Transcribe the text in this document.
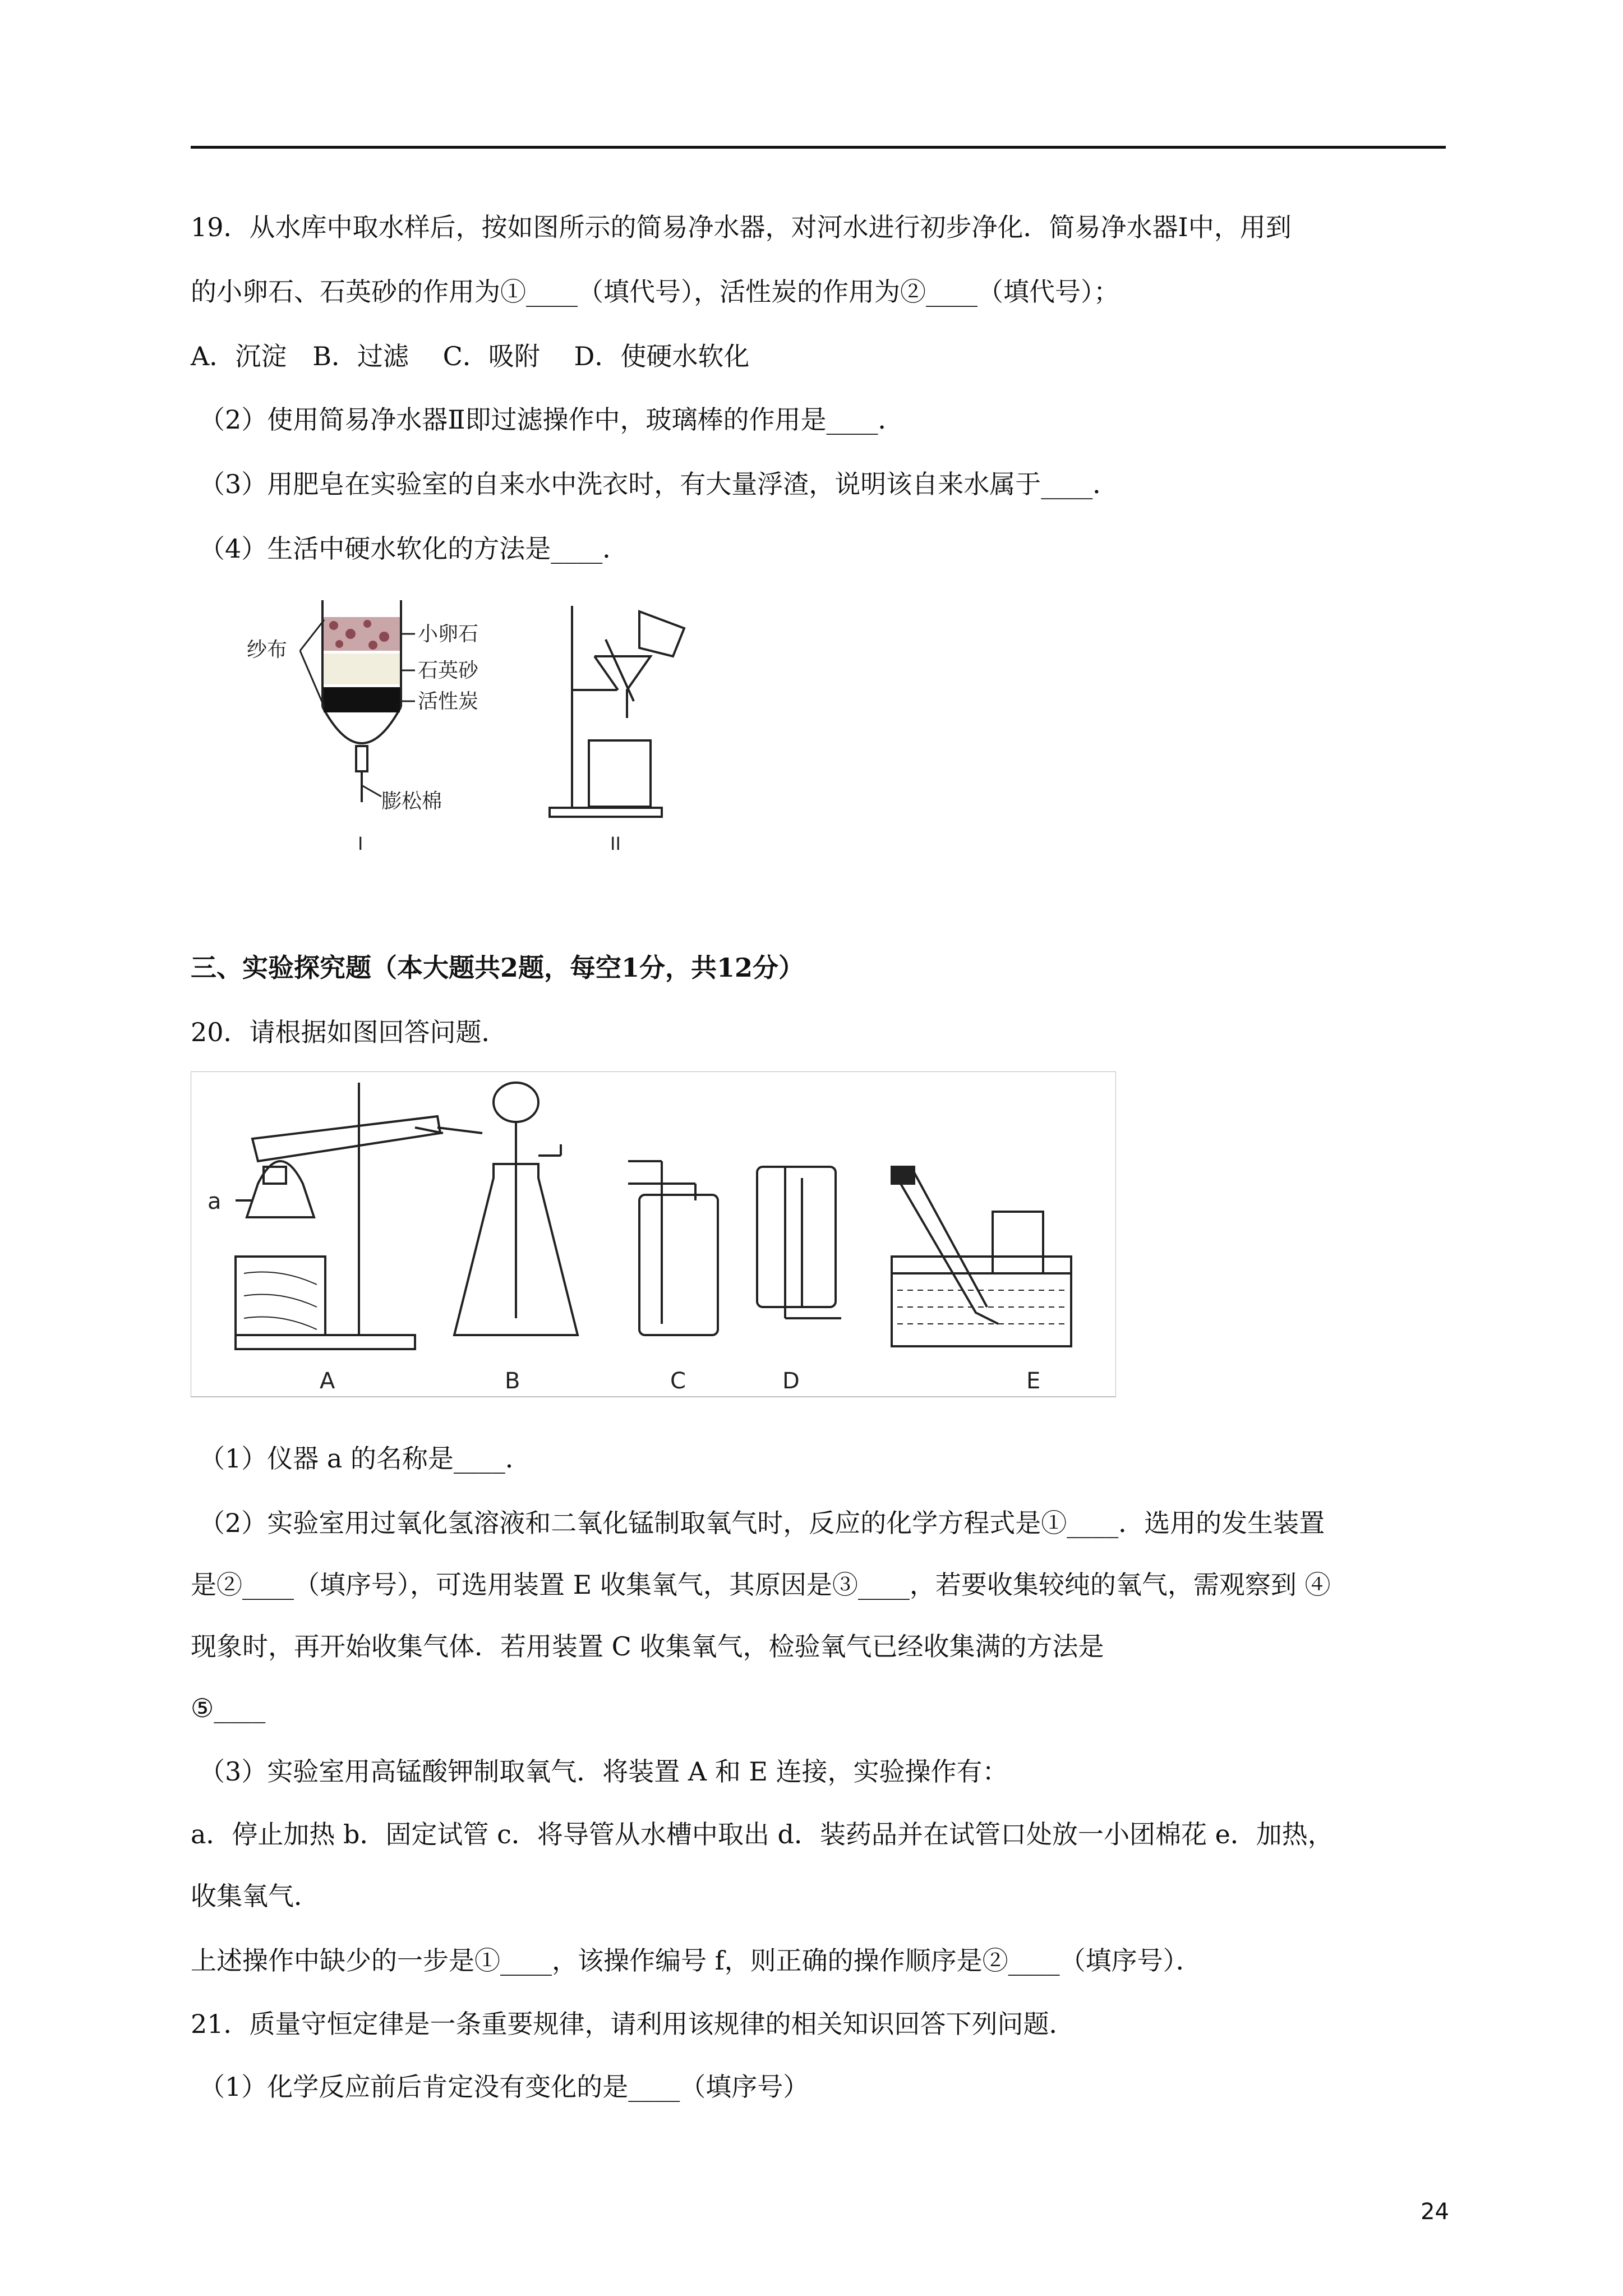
19．从水库中取水样后，按如图所示的简易净水器，对河水进行初步净化．简易净水器Ⅰ中，用到

的小卵石、石英砂的作用为①____（填代号），活性炭的作用为②____（填代号）；

A．沉淀　B．过滤　 C．吸附　 D．使硬水软化

（2）使用简易净水器Ⅱ即过滤操作中，玻璃棒的作用是____．

（3）用肥皂在实验室的自来水中洗衣时，有大量浮渣，说明该自来水属于____．

（4）生活中硬水软化的方法是____．

纱布
小卵石
石英砂
活性炭
膨松棉
I	II

三、实验探究题（本大题共2题，每空1分，共12分）

20．请根据如图回答问题．

a
A	B	C	D	E

（1）仪器 a 的名称是____．

（2）实验室用过氧化氢溶液和二氧化锰制取氧气时，反应的化学方程式是①____．选用的发生装置

是②____（填序号），可选用装置 E 收集氧气，其原因是③____，若要收集较纯的氧气，需观察到 ④

现象时，再开始收集气体．若用装置 C 收集氧气，检验氧气已经收集满的方法是

⑤____

（3）实验室用高锰酸钾制取氧气．将装置 A 和 E 连接，实验操作有：

a．停止加热 b．固定试管 c．将导管从水槽中取出 d．装药品并在试管口处放一小团棉花 e．加热，

收集氧气．

上述操作中缺少的一步是①____，该操作编号 f，则正确的操作顺序是②____（填序号）．

21．质量守恒定律是一条重要规律，请利用该规律的相关知识回答下列问题．

（1）化学反应前后肯定没有变化的是____（填序号）

24
